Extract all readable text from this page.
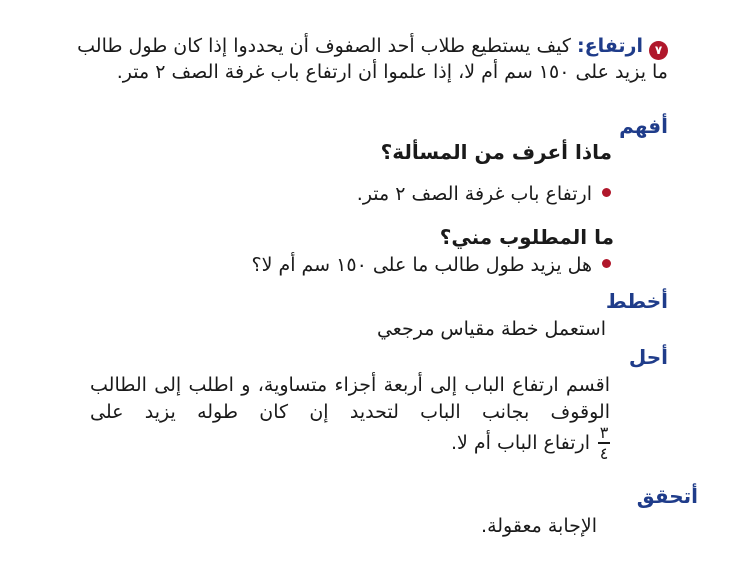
٧ارتفاع: كيف يستطيع طلاب أحد الصفوف أن يحددوا إذا كان طول طالب ما يزيد على ١٥٠ سم أم لا، إذا علموا أن ارتفاع باب غرفة الصف ٢ متر.
أفهم
ماذا أعرف من المسألة؟
ارتفاع باب غرفة الصف ٢ متر.
ما المطلوب مني؟
هل يزيد طول طالب ما على ١٥٠ سم أم لا؟
أخطط
استعمل خطة مقياس مرجعي
أحل
اقسم ارتفاع الباب إلى أربعة أجزاء متساوية، و اطلب إلى الطالب الوقوف بجانب الباب لتحديد إن كان طوله يزيد على
$\frac{٣}{٤}$
ارتفاع الباب أم لا.
أتحقق
الإجابة معقولة.
